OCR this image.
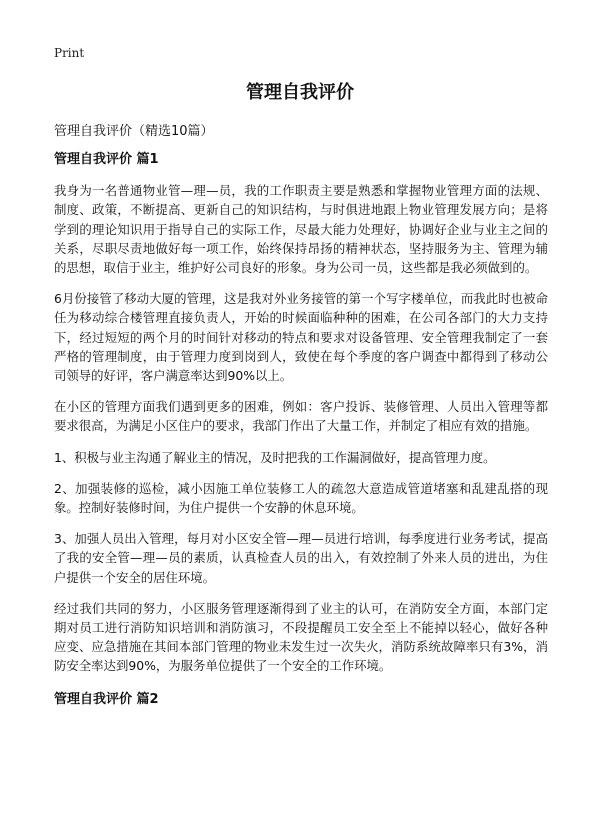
Print
管理自我评价
管理自我评价（精选10篇）
管理自我评价 篇1

我身为一名普通物业管—理—员，我的工作职责主要是熟悉和掌握物业管理方面的法规、制度、政策，不断提高、更新自己的知识结构，与时俱进地跟上物业管理发展方向；是将学到的理论知识用于指导自己的实际工作，尽最大能力处理好，协调好企业与业主之间的关系，尽职尽责地做好每一项工作，始终保持昂扬的精神状态，坚持服务为主、管理为辅的思想，取信于业主，维护好公司良好的形象。身为公司一员，这些都是我必须做到的。

6月份接管了移动大厦的管理，这是我对外业务接管的第一个写字楼单位，而我此时也被命任为移动综合楼管理直接负责人，开始的时候面临种种的困难，在公司各部门的大力支持下，经过短短的两个月的时间针对移动的特点和要求对设备管理、安全管理我制定了一套严格的管理制度，由于管理力度到岗到人，致使在每个季度的客户调查中都得到了移动公司领导的好评，客户满意率达到90%以上。

在小区的管理方面我们遇到更多的困难，例如：客户投诉、装修管理、人员出入管理等都要求很高，为满足小区住户的要求，我部门作出了大量工作，并制定了相应有效的措施。

1、积极与业主沟通了解业主的情况，及时把我的工作漏洞做好，提高管理力度。

2、加强装修的巡检，减小因施工单位装修工人的疏忽大意造成管道堵塞和乱建乱搭的现象。控制好装修时间，为住户提供一个安静的休息环境。

3、加强人员出入管理，每月对小区安全管—理—员进行培训，每季度进行业务考试，提高了我的安全管—理—员的素质，认真检查人员的出入，有效控制了外来人员的进出，为住户提供一个安全的居住环境。

经过我们共同的努力，小区服务管理逐渐得到了业主的认可，在消防安全方面，本部门定期对员工进行消防知识培训和消防演习，不段提醒员工安全至上不能掉以轻心，做好各种应变、应急措施在其间本部门管理的物业未发生过一次失火，消防系统故障率只有3%，消防安全率达到90%，为服务单位提供了一个安全的工作环境。

管理自我评价 篇2
